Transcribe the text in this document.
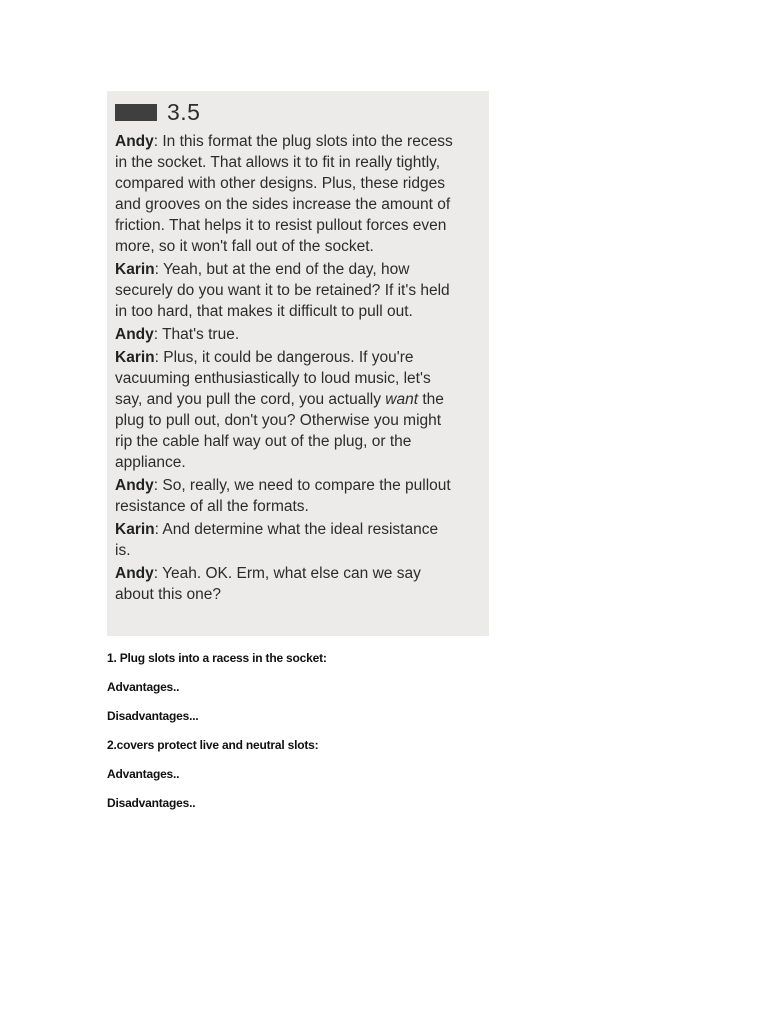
3.5
Andy: In this format the plug slots into the recess
in the socket. That allows it to fit in really tightly,
compared with other designs. Plus, these ridges
and grooves on the sides increase the amount of
friction. That helps it to resist pullout forces even
more, so it won't fall out of the socket.
Karin: Yeah, but at the end of the day, how
securely do you want it to be retained? If it's held
in too hard, that makes it difficult to pull out.
Andy: That's true.
Karin: Plus, it could be dangerous. If you're
vacuuming enthusiastically to loud music, let's
say, and you pull the cord, you actually want the
plug to pull out, don't you? Otherwise you might
rip the cable half way out of the plug, or the
appliance.
Andy: So, really, we need to compare the pullout
resistance of all the formats.
Karin: And determine what the ideal resistance
is.
Andy: Yeah. OK. Erm, what else can we say
about this one?
1. Plug slots into a racess in the socket:
Advantages..
Disadvantages...
2.covers protect live and neutral slots:
Advantages..
Disadvantages..
